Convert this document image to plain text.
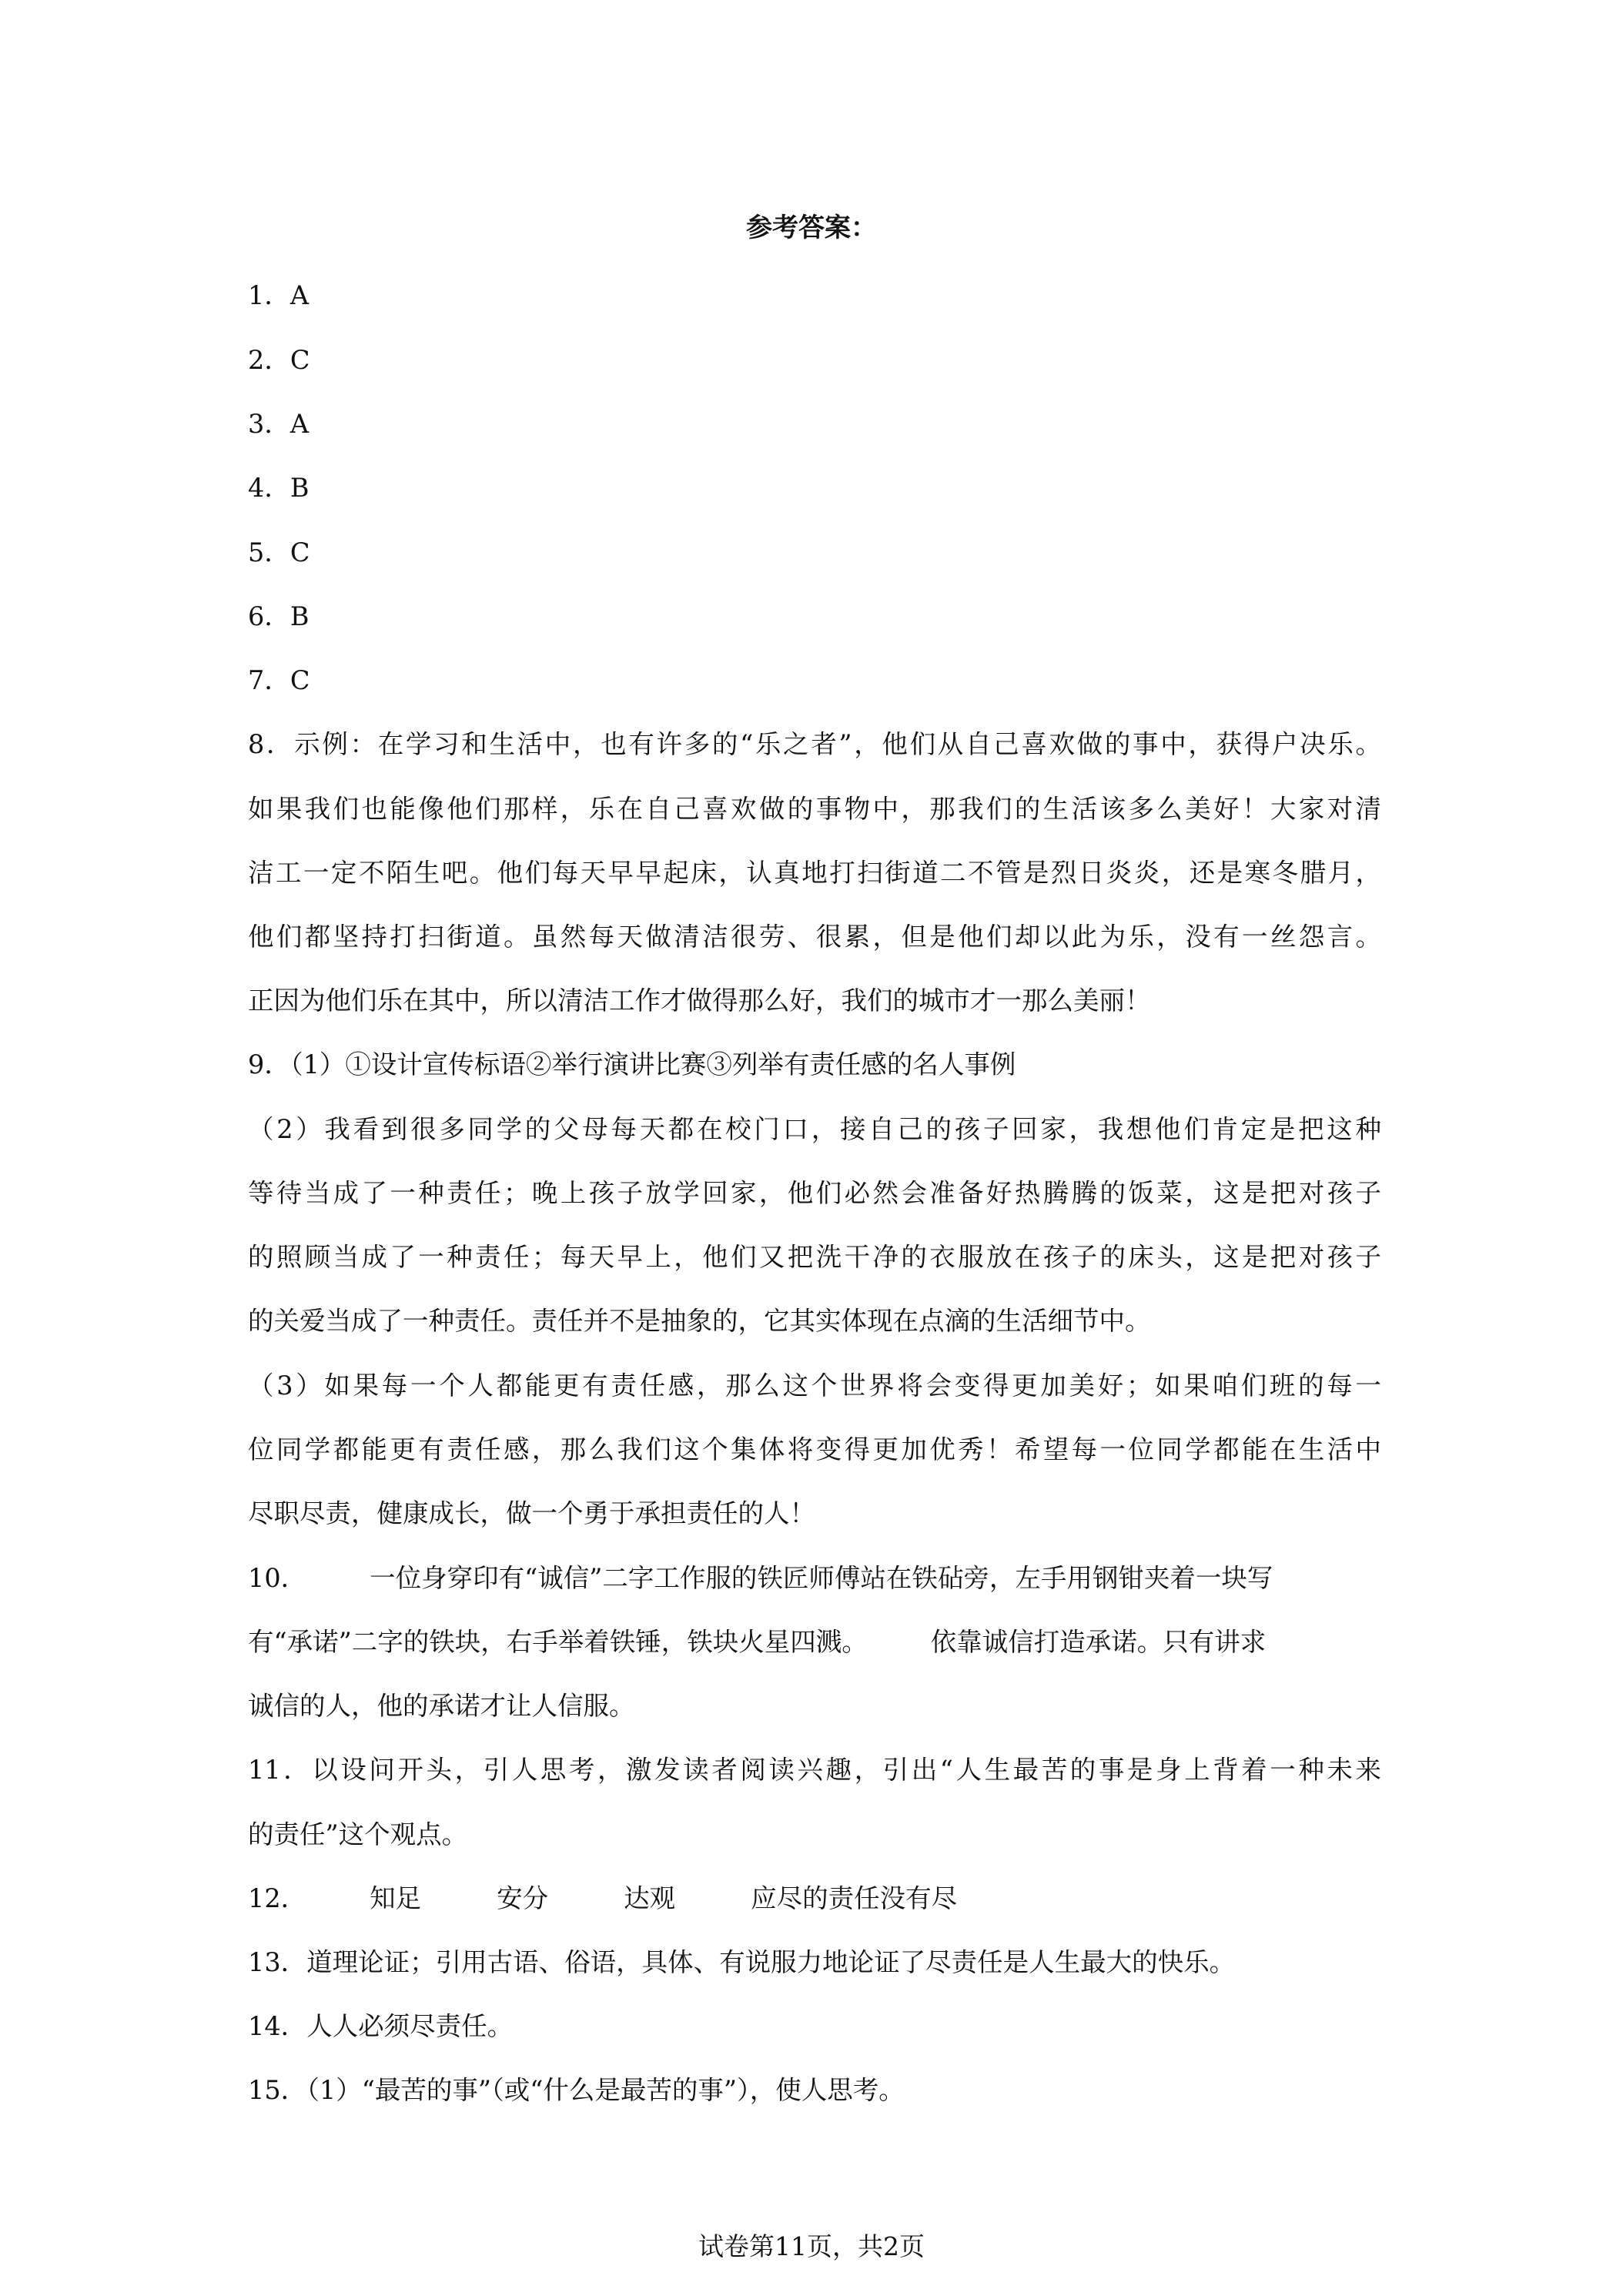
参考答案：
1．A
2．C
3．A
4．B
5．C
6．B
7．C
8．示例：在学习和生活中，也有许多的“乐之者”，他们从自己喜欢做的事中，获得户决乐。
如果我们也能像他们那样，乐在自己喜欢做的事物中，那我们的生活该多么美好！大家对清
洁工一定不陌生吧。他们每天早早起床，认真地打扫街道二不管是烈日炎炎，还是寒冬腊月，
他们都坚持打扫街道。虽然每天做清洁很劳、很累，但是他们却以此为乐，没有一丝怨言。
正因为他们乐在其中，所以清洁工作才做得那么好，我们的城市才一那么美丽！
9．（1）①设计宣传标语②举行演讲比赛③列举有责任感的名人事例
（2）我看到很多同学的父母每天都在校门口，接自己的孩子回家，我想他们肯定是把这种
等待当成了一种责任；晚上孩子放学回家，他们必然会准备好热腾腾的饭菜，这是把对孩子
的照顾当成了一种责任；每天早上，他们又把洗干净的衣服放在孩子的床头，这是把对孩子
的关爱当成了一种责任。责任并不是抽象的，它其实体现在点滴的生活细节中。
（3）如果每一个人都能更有责任感，那么这个世界将会变得更加美好；如果咱们班的每一
位同学都能更有责任感，那么我们这个集体将变得更加优秀！希望每一位同学都能在生活中
尽职尽责，健康成长，做一个勇于承担责任的人！
10． 一位身穿印有“诚信”二字工作服的铁匠师傅站在铁砧旁，左手用钢钳夹着一块写
有“承诺”二字的铁块，右手举着铁锤，铁块火星四溅。 依靠诚信打造承诺。只有讲求
诚信的人，他的承诺才让人信服。
11．以设问开头，引人思考，激发读者阅读兴趣，引出“人生最苦的事是身上背着一种未来
的责任”这个观点。
12． 知足	安分	达观	应尽的责任没有尽
13．道理论证；引用古语、俗语，具体、有说服力地论证了尽责任是人生最大的快乐。
14．人人必须尽责任。
15．（1）“最苦的事”（或“什么是最苦的事”），使人思考。
试卷第11页，共2页
